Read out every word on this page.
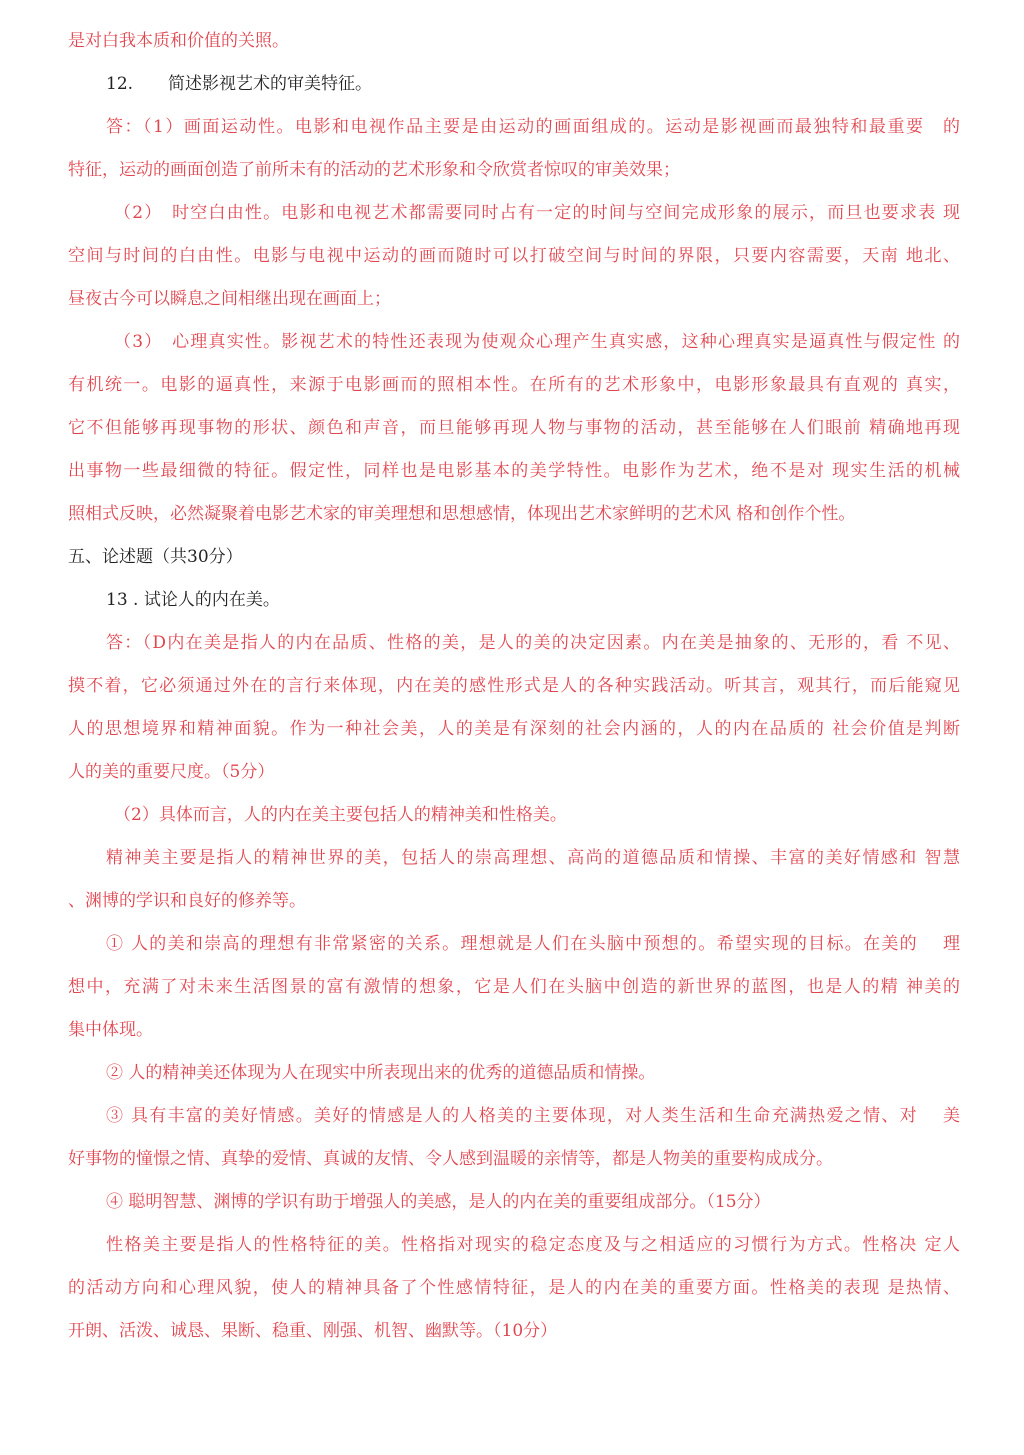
是对白我本质和价值的关照。
12. 简述影视艺术的审美特征。
答：（1）画面运动性。电影和电视作品主要是由运动的画面组成的。运动是影视画而最独特和最重要　的
特征，运动的画面创造了前所未有的活动的艺术形象和令欣赏者惊叹的审美效果；
（2）　时空白由性。电影和电视艺术都需要同时占有一定的时间与空间完成形象的展示，而旦也要求表 现
空间与时间的白由性。电影与电视中运动的画而随时可以打破空间与时间的界限，只要内容需要，天南 地北、
昼夜古今可以瞬息之间相继出现在画面上；
（3）　心理真实性。影视艺术的特性还表现为使观众心理产生真实感，这种心理真实是逼真性与假定性 的
有机统一。电影的逼真性，来源于电影画而的照相本性。在所有的艺术形象中，电影形象最具有直观的 真实，
它不但能够再现事物的形状、颜色和声音，而旦能够再现人物与事物的活动，甚至能够在人们眼前 精确地再现
出事物一些最细微的特征。假定性，同样也是电影基本的美学特性。电影作为艺术，绝不是对 现实生活的机械
照相式反映，必然凝聚着电影艺术家的审美理想和思想感情，体现出艺术家鲜明的艺术风 格和创作个性。
五、论述题（共30分）
13 . 试论人的内在美。
答：（D内在美是指人的内在品质、性格的美，是人的美的决定因素。内在美是抽象的、无形的，看 不见、
摸不着，它必须通过外在的言行来体现，内在美的感性形式是人的各种实践活动。听其言，观其行，而后能窥见
人的思想境界和精神面貌。作为一种社会美，人的美是有深刻的社会内涵的，人的内在品质的 社会价值是判断
人的美的重要尺度。（5分）
（2）具体而言，人的内在美主要包括人的精神美和性格美。
精神美主要是指人的精神世界的美，包括人的崇高理想、高尚的道德品质和情操、丰富的美好情感和 智慧
、渊博的学识和良好的修养等。
① 人的美和崇高的理想有非常紧密的关系。理想就是人们在头脑中预想的。希望实现的目标。在美的　 理
想中，充满了对未来生活图景的富有激情的想象，它是人们在头脑中创造的新世界的蓝图，也是人的精 神美的
集中体现。
② 人的精神美还体现为人在现实中所表现出来的优秀的道德品质和情操。
③ 具有丰富的美好情感。美好的情感是人的人格美的主要体现，对人类生活和生命充满热爱之情、对　 美
好事物的憧憬之情、真挚的爱情、真诚的友情、令人感到温暖的亲情等，都是人物美的重要构成成分。
④ 聪明智慧、渊博的学识有助于增强人的美感，是人的内在美的重要组成部分。（15分）
性格美主要是指人的性格特征的美。性格指对现实的稳定态度及与之相适应的习惯行为方式。性格决 定人
的活动方向和心理风貌，使人的精神具备了个性感情特征，是人的内在美的重要方面。性格美的表现 是热情、
开朗、活泼、诚恳、果断、稳重、刚强、机智、幽默等。（10分）
